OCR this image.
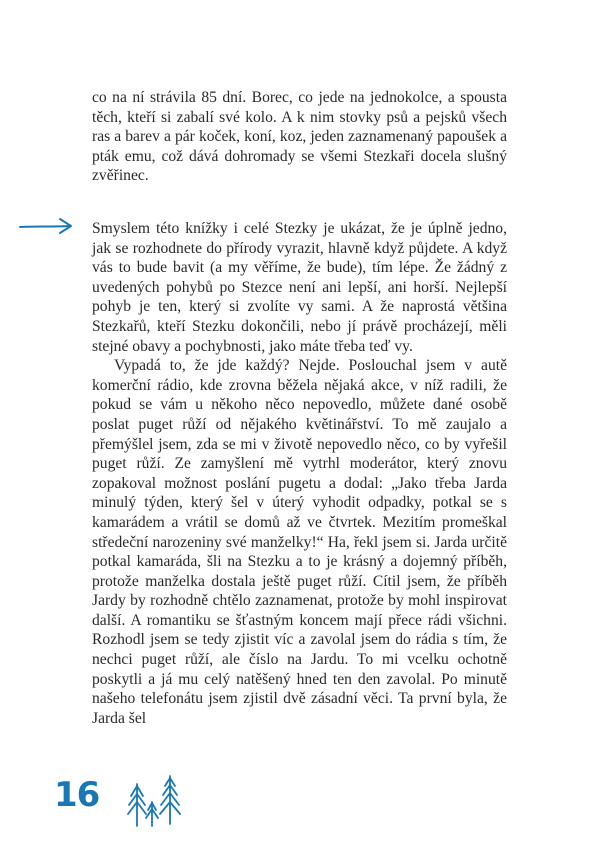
co na ní strávila 85 dní. Borec, co jede na jednokolce, a spousta těch, kteří si zabalí své kolo. A k nim stovky psů a pejsků všech ras a barev a pár koček, koní, koz, jeden zaznamenaný papoušek a pták emu, což dává dohromady se všemi Stezkaři docela slušný zvěřinec.

Smyslem této knížky i celé Stezky je ukázat, že je úplně jedno, jak se rozhodnete do přírody vyrazit, hlavně když půjdete. A když vás to bude bavit (a my věříme, že bude), tím lépe. Že žádný z uvedených pohybů po Stezce není ani lepší, ani horší. Nejlepší pohyb je ten, který si zvolíte vy sami. A že naprostá většina Stezkařů, kteří Stezku dokončili, nebo jí právě procházejí, měli stejné obavy a pochybnosti, jako máte třeba teď vy.

Vypadá to, že jde každý? Nejde. Poslouchal jsem v autě komerční rádio, kde zrovna běžela nějaká akce, v níž radili, že pokud se vám u někoho něco nepovedlo, můžete dané osobě poslat puget růží od nějakého květinářství. To mě zaujalo a přemýšlel jsem, zda se mi v životě nepovedlo něco, co by vyřešil puget růží. Ze zamyšlení mě vytrhl moderátor, který znovu zopakoval možnost poslání pugetu a dodal: „Jako třeba Jarda minulý týden, který šel v úterý vyhodit odpadky, potkal se s kamarádem a vrátil se domů až ve čtvrtek. Mezitím promeškal středeční narozeniny své manželky!“ Ha, řekl jsem si. Jarda určitě potkal kamaráda, šli na Stezku a to je krásný a dojemný příběh, protože manželka dostala ještě puget růží. Cítil jsem, že příběh Jardy by rozhodně chtělo zaznamenat, protože by mohl inspirovat další. A romantiku se šťastným koncem mají přece rádi všichni. Rozhodl jsem se tedy zjistit víc a zavolal jsem do rádia s tím, že nechci puget růží, ale číslo na Jardu. To mi vcelku ochotně poskytli a já mu celý natěšený hned ten den zavolal. Po minutě našeho telefonátu jsem zjistil dvě zásadní věci. Ta první byla, že Jarda šel

16
